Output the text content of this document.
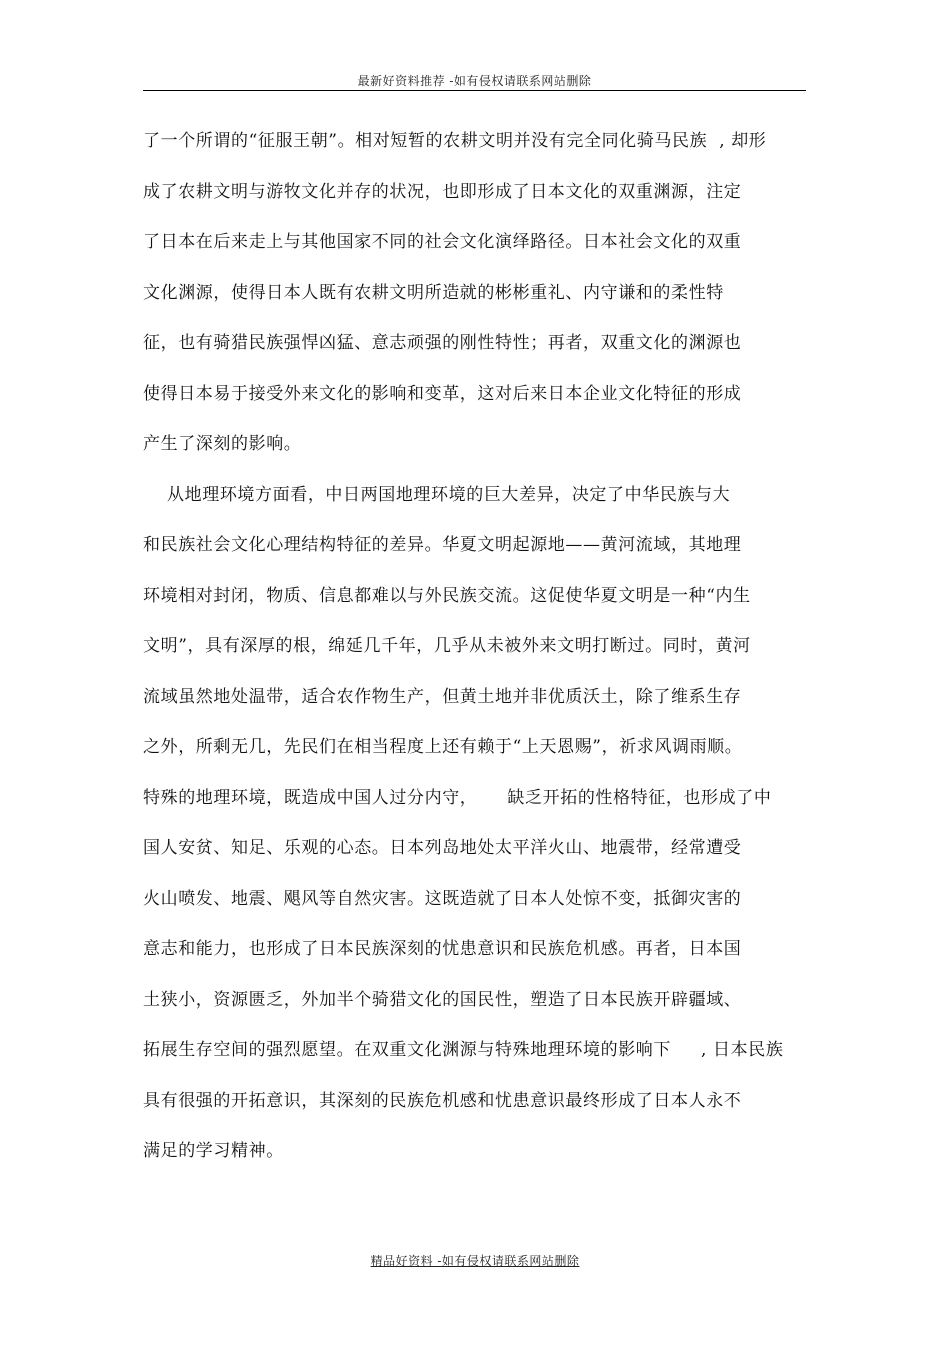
最新好资料推荐 -如有侵权请联系网站删除
了一个所谓的“征服王朝”。相对短暂的农耕文明并没有完全同化骑马民族  , 却形
成了农耕文明与游牧文化并存的状况，也即形成了日本文化的双重渊源，注定
了日本在后来走上与其他国家不同的社会文化演绎路径。日本社会文化的双重
文化渊源，使得日本人既有农耕文明所造就的彬彬重礼、内守谦和的柔性特
征，也有骑猎民族强悍凶猛、意志顽强的刚性特性；再者，双重文化的渊源也
使得日本易于接受外来文化的影响和变革，这对后来日本企业文化特征的形成
产生了深刻的影响。
从地理环境方面看，中日两国地理环境的巨大差异，决定了中华民族与大
和民族社会文化心理结构特征的差异。华夏文明起源地——黄河流域，其地理
环境相对封闭，物质、信息都难以与外民族交流。这促使华夏文明是一种“内生
文明”，具有深厚的根，绵延几千年，几乎从未被外来文明打断过。同时，黄河
流域虽然地处温带，适合农作物生产，但黄土地并非优质沃土，除了维系生存
之外，所剩无几，先民们在相当程度上还有赖于“上天恩赐”，祈求风调雨顺。
特殊的地理环境，既造成中国人过分内守，     缺乏开拓的性格特征，也形成了中
国人安贫、知足、乐观的心态。日本列岛地处太平洋火山、地震带，经常遭受
火山喷发、地震、飓风等自然灾害。这既造就了日本人处惊不变，抵御灾害的
意志和能力，也形成了日本民族深刻的忧患意识和民族危机感。再者，日本国
土狭小，资源匮乏，外加半个骑猎文化的国民性，塑造了日本民族开辟疆域、
拓展生存空间的强烈愿望。在双重文化渊源与特殊地理环境的影响下     , 日本民族
具有很强的开拓意识，其深刻的民族危机感和忧患意识最终形成了日本人永不
满足的学习精神。
精品好资料 -如有侵权请联系网站删除
